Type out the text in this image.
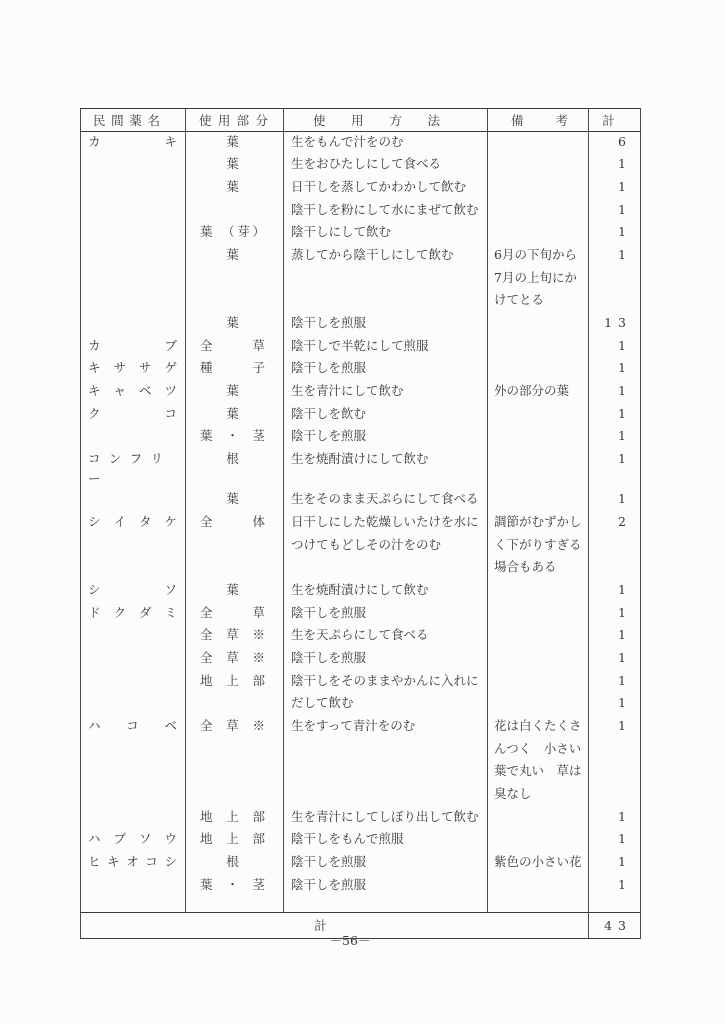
民 間 薬 名	使 用 部 分	使 用 方 法	備 考	計

カ キ	葉	生をもんで汁をのむ		6
	葉	生をおひたしにして食べる		1
	葉	日干しを蒸してかわかして飲む		1
		陰干しを粉にして水にまぜて飲む		1

	葉 （芽）	陰干しにして飲む		1
	葉	蒸してから陰干しにして飲む	6月の下旬から	1
			7月の上旬にか	
			けてとる	
	葉	陰干しを煎服		13

カ ブ	全 草	陰干しで半乾にして煎服		1

キ サ サ ゲ	種 子	陰干しを煎服		1

キ ャ ベ ツ	葉	生を青汁にして飲む	外の部分の葉	1

ク コ	葉	陰干しを飲む		1

	葉 ・ 茎	陰干しを煎服		1

コ ン フ リ ー	根	生を焼酎漬けにして飲む		1
	葉	生をそのまま天ぷらにして食べる		1

シ イ タ ケ	全 体	日干しにした乾燥しいたけを水に	調節がむずかし	2
		つけてもどしその汁をのむ	く下がりすぎる	
			場合もある	

シ ソ	葉	生を焼酎漬けにして飲む		1

ド ク ダ ミ	全 草	陰干しを煎服		1

	全 草 ※	生を天ぷらにして食べる		1

	全 草 ※	陰干しを煎服		1

	地 上 部	陰干しをそのままやかんに入れに		1
		だして飲む		1

ハ コ ベ	全 草 ※	生をすって青汁をのむ	花は白くたくさ	1
			んつく　小さい	
			葉で丸い　草は	
			臭なし	

	地 上 部	生を青汁にしてしぼり出して飲む		1

ハ ブ ソ ウ	地 上 部	陰干しをもんで煎服		1

ヒ キ オ コ シ	根	陰干しを煎服	紫色の小さい花	1

	葉 ・ 茎	陰干しを煎服		1

計				43
－56－
